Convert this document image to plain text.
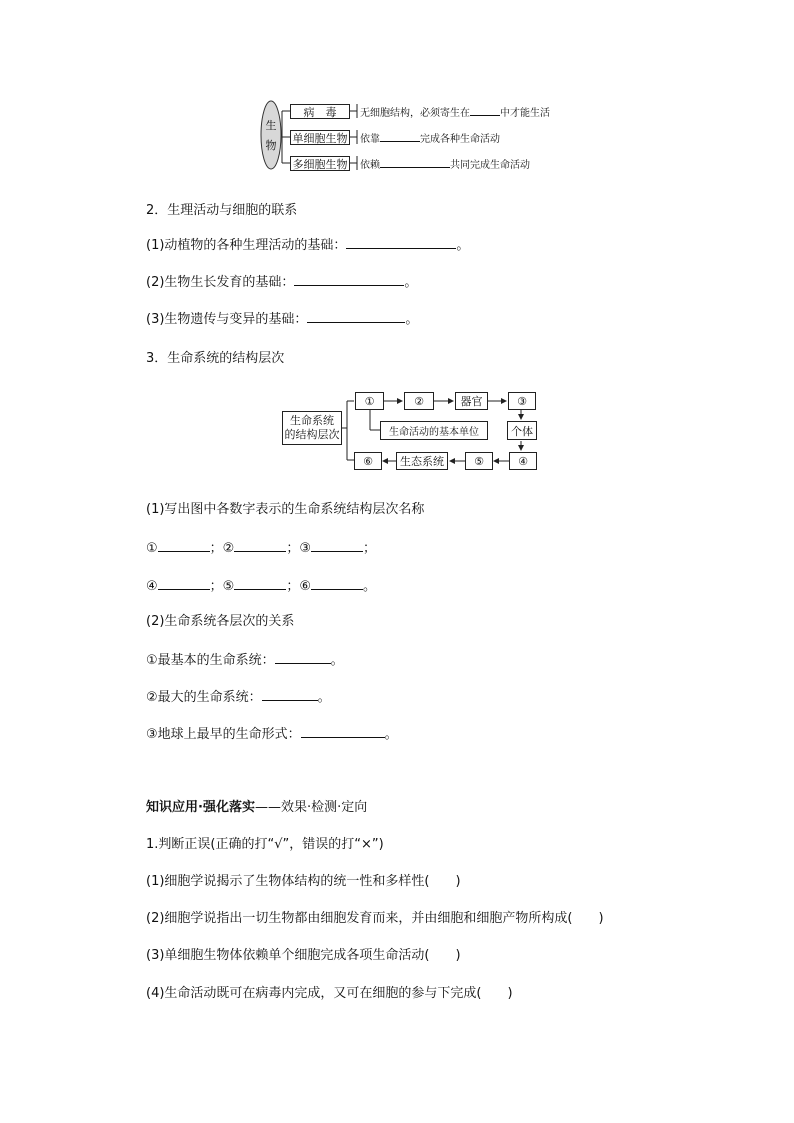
生物
病　毒
单细胞生物
多细胞生物
无细胞结构，必须寄生在	中才能生活
依靠	完成各种生命活动
依赖	共同完成生命活动
2．生理活动与细胞的联系
(1)动植物的各种生理活动的基础：	。
(2)生物生长发育的基础：	。
(3)生物遗传与变异的基础：	。
3．生命系统的结构层次
生命系统
的结构层次
①	②	器官	③
个体
④
⑤
生态系统
⑥
生命活动的基本单位
(1)写出图中各数字表示的生命系统结构层次名称
①	；②	；③	；
④	；⑤	；⑥	。
(2)生命系统各层次的关系
①最基本的生命系统：	。
②最大的生命系统：	。
③地球上最早的生命形式：	。
知识应用·强化落实——效果·检测·定向
1.判断正误(正确的打“√”，错误的打“×”)
(1)细胞学说揭示了生物体结构的统一性和多样性(　　)
(2)细胞学说指出一切生物都由细胞发育而来，并由细胞和细胞产物所构成(　　)
(3)单细胞生物体依赖单个细胞完成各项生命活动(　　)
(4)生命活动既可在病毒内完成，又可在细胞的参与下完成(　　)
